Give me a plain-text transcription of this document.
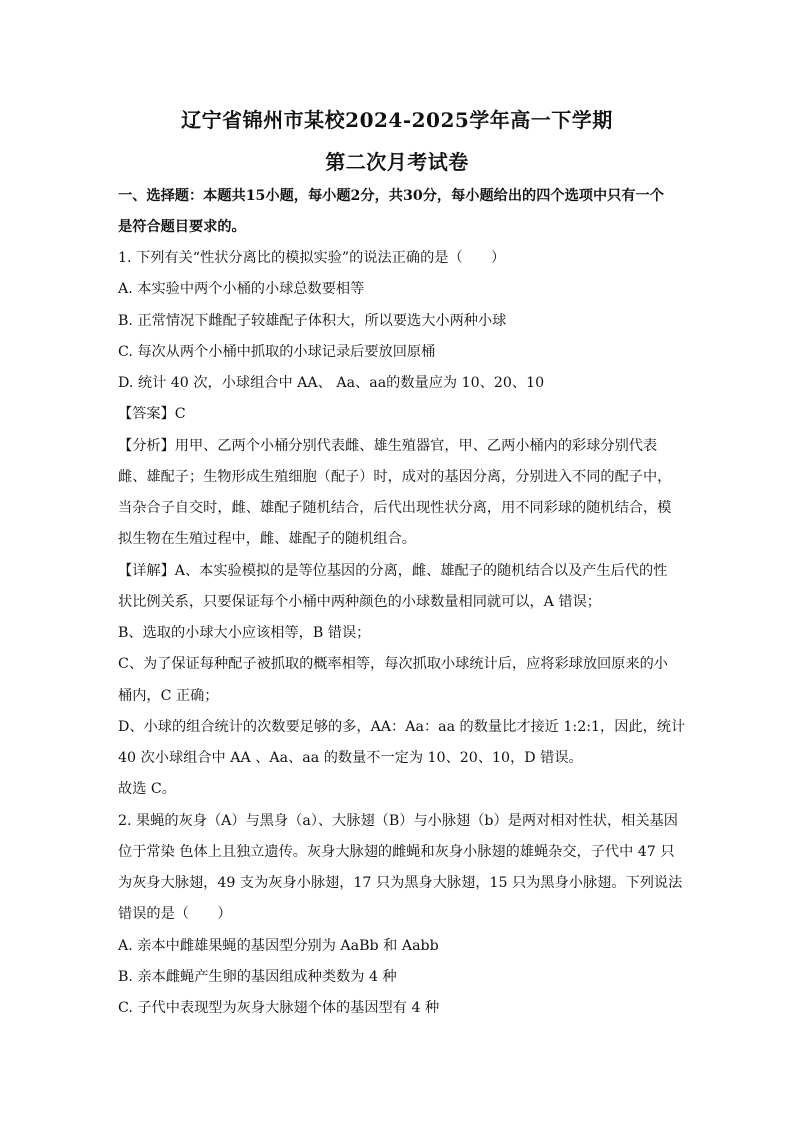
辽宁省锦州市某校2024-2025学年高一下学期
第二次月考试卷
一、选择题：本题共15小题，每小题2分，共30分，每小题给出的四个选项中只有一个
是符合题目要求的。
1. 下列有关“性状分离比的模拟实验”的说法正确的是（　　）
A. 本实验中两个小桶的小球总数要相等
B. 正常情况下雌配子较雄配子体积大，所以要选大小两种小球
C. 每次从两个小桶中抓取的小球记录后要放回原桶
D. 统计 40 次，小球组合中 AA、 Aa、aa的数量应为 10、20、10
【答案】C
【分析】用甲、乙两个小桶分别代表雌、雄生殖器官，甲、乙两小桶内的彩球分别代表
雌、雄配子；生物形成生殖细胞（配子）时，成对的基因分离，分别进入不同的配子中，
当杂合子自交时，雌、雄配子随机结合，后代出现性状分离，用不同彩球的随机结合，模
拟生物在生殖过程中，雌、雄配子的随机组合。
【详解】A、本实验模拟的是等位基因的分离，雌、雄配子的随机结合以及产生后代的性
状比例关系，只要保证每个小桶中两种颜色的小球数量相同就可以，A 错误；
B、选取的小球大小应该相等，B 错误；
C、为了保证每种配子被抓取的概率相等，每次抓取小球统计后，应将彩球放回原来的小
桶内，C 正确；
D、小球的组合统计的次数要足够的多，AA：Aa：aa 的数量比才接近 1:2:1，因此，统计
40 次小球组合中 AA 、Aa、aa 的数量不一定为 10、20、10，D 错误。
故选 C。
2. 果蝇的灰身（A）与黑身（a）、大脉翅（B）与小脉翅（b）是两对相对性状，相关基因
位于常染 色体上且独立遗传。灰身大脉翅的雌蝇和灰身小脉翅的雄蝇杂交，子代中 47 只
为灰身大脉翅，49 支为灰身小脉翅，17 只为黑身大脉翅，15 只为黑身小脉翅。下列说法
错误的是（　　）
A. 亲本中雌雄果蝇的基因型分别为 AaBb 和 Aabb
B. 亲本雌蝇产生卵的基因组成种类数为 4 种
C. 子代中表现型为灰身大脉翅个体的基因型有 4 种
